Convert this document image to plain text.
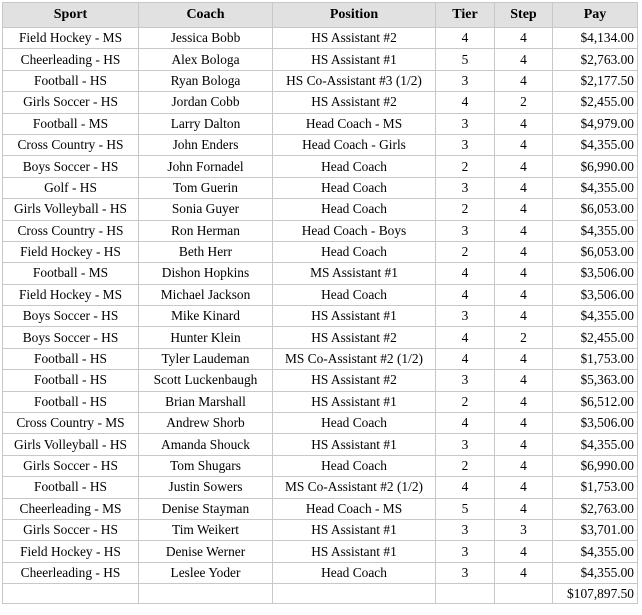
Sport	Coach	Position	Tier	Step	Pay
Field Hockey - MS	Jessica Bobb	HS Assistant #2	4	4	$4,134.00
Cheerleading - HS	Alex Bologa	HS Assistant #1	5	4	$2,763.00
Football - HS	Ryan Bologa	HS Co-Assistant #3 (1/2)	3	4	$2,177.50
Girls Soccer - HS	Jordan Cobb	HS Assistant #2	4	2	$2,455.00
Football - MS	Larry Dalton	Head Coach - MS	3	4	$4,979.00
Cross Country - HS	John Enders	Head Coach - Girls	3	4	$4,355.00
Boys Soccer - HS	John Fornadel	Head Coach	2	4	$6,990.00
Golf - HS	Tom Guerin	Head Coach	3	4	$4,355.00
Girls Volleyball - HS	Sonia Guyer	Head Coach	2	4	$6,053.00
Cross Country - HS	Ron Herman	Head Coach - Boys	3	4	$4,355.00
Field Hockey - HS	Beth Herr	Head Coach	2	4	$6,053.00
Football - MS	Dishon Hopkins	MS Assistant #1	4	4	$3,506.00
Field Hockey - MS	Michael Jackson	Head Coach	4	4	$3,506.00
Boys Soccer - HS	Mike Kinard	HS Assistant #1	3	4	$4,355.00
Boys Soccer - HS	Hunter Klein	HS Assistant #2	4	2	$2,455.00
Football - HS	Tyler Laudeman	MS Co-Assistant #2 (1/2)	4	4	$1,753.00
Football - HS	Scott Luckenbaugh	HS Assistant #2	3	4	$5,363.00
Football - HS	Brian Marshall	HS Assistant #1	2	4	$6,512.00
Cross Country - MS	Andrew Shorb	Head Coach	4	4	$3,506.00
Girls Volleyball - HS	Amanda Shouck	HS Assistant #1	3	4	$4,355.00
Girls Soccer - HS	Tom Shugars	Head Coach	2	4	$6,990.00
Football - HS	Justin Sowers	MS Co-Assistant #2 (1/2)	4	4	$1,753.00
Cheerleading - MS	Denise Stayman	Head Coach - MS	5	4	$2,763.00
Girls Soccer - HS	Tim Weikert	HS Assistant #1	3	3	$3,701.00
Field Hockey - HS	Denise Werner	HS Assistant #1	3	4	$4,355.00
Cheerleading - HS	Leslee Yoder	Head Coach	3	4	$4,355.00
					$107,897.50
